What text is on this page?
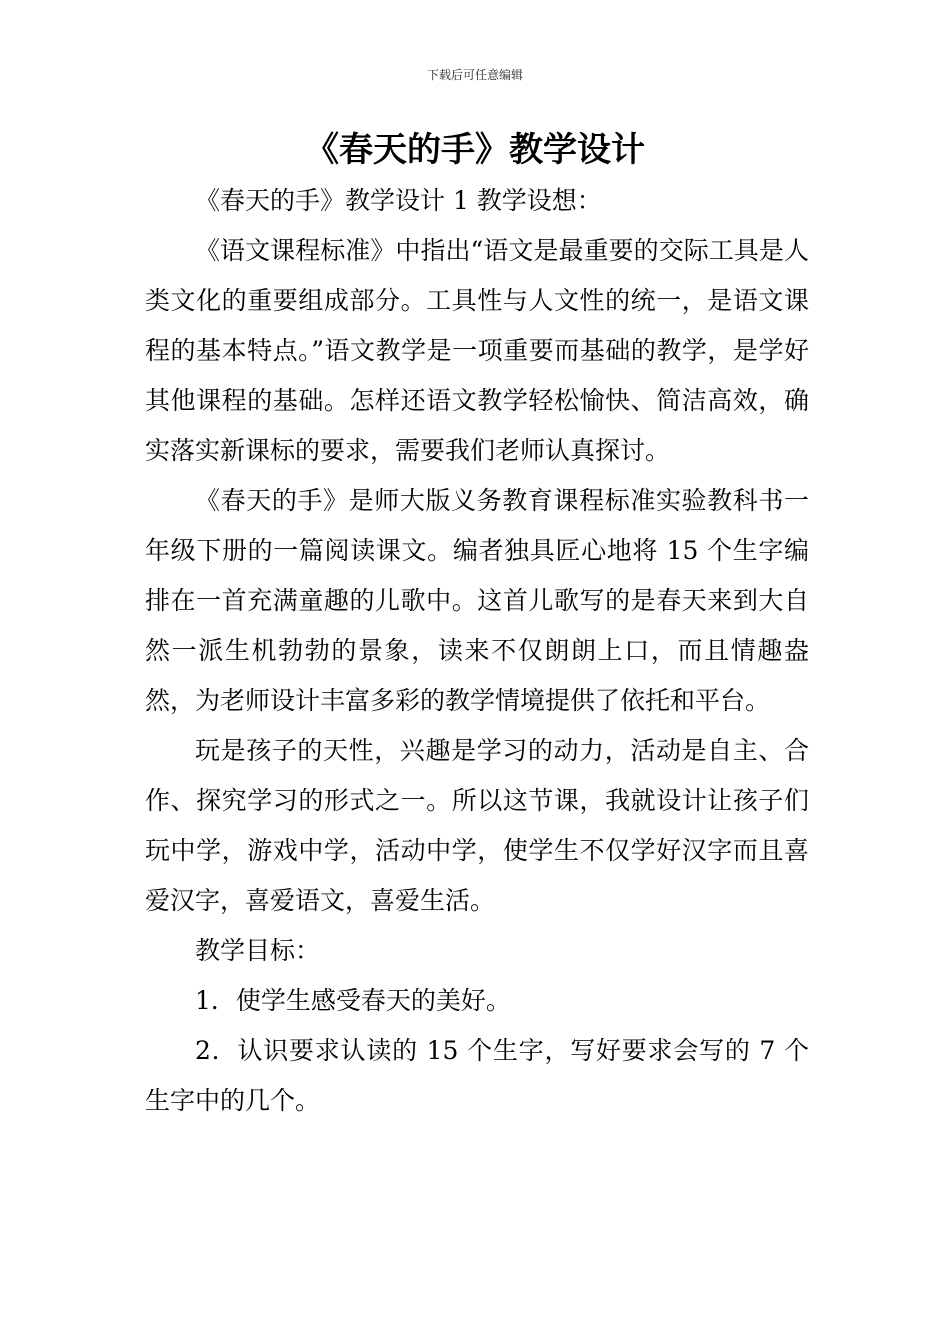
下载后可任意编辑
《春天的手》教学设计

《春天的手》教学设计 1 教学设想：

《语文课程标准》中指出“语文是最重要的交际工具是人类文化的重要组成部分。工具性与人文性的统一，是语文课程的基本特点。”语文教学是一项重要而基础的教学，是学好其他课程的基础。怎样还语文教学轻松愉快、简洁高效，确实落实新课标的要求，需要我们老师认真探讨。

《春天的手》是师大版义务教育课程标准实验教科书一年级下册的一篇阅读课文。编者独具匠心地将 15 个生字编排在一首充满童趣的儿歌中。这首儿歌写的是春天来到大自然一派生机勃勃的景象，读来不仅朗朗上口，而且情趣盎然，为老师设计丰富多彩的教学情境提供了依托和平台。

玩是孩子的天性，兴趣是学习的动力，活动是自主、合作、探究学习的形式之一。所以这节课，我就设计让孩子们玩中学，游戏中学，活动中学，使学生不仅学好汉字而且喜爱汉字，喜爱语文，喜爱生活。

教学目标：

1．使学生感受春天的美好。

2．认识要求认读的 15 个生字，写好要求会写的 7 个生字中的几个。
